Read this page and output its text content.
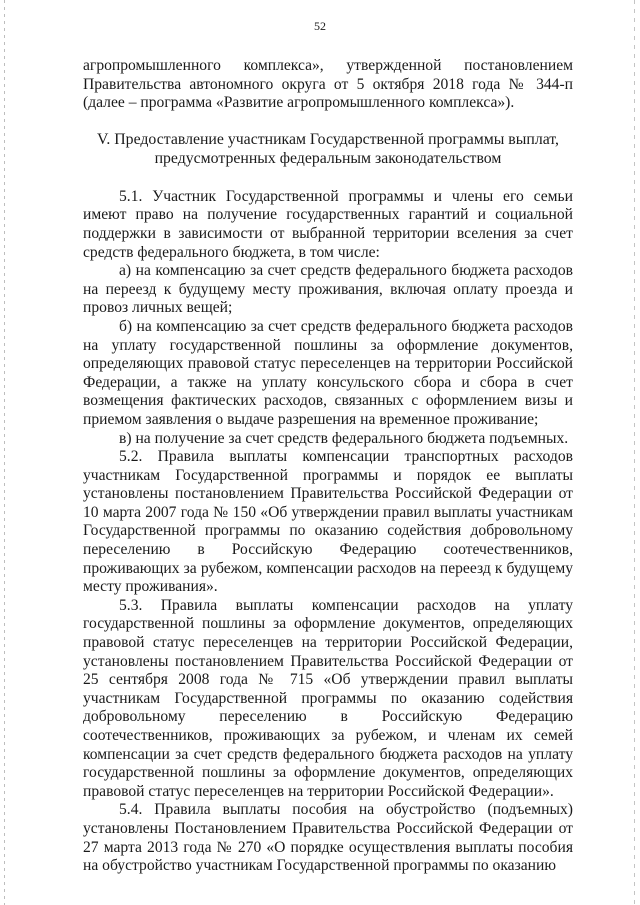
52

агропромышленного комплекса», утвержденной постановлением Правительства автономного округа от 5 октября 2018 года № 344-п (далее – программа «Развитие агропромышленного комплекса»).

V. Предоставление участникам Государственной программы выплат,
предусмотренных федеральным законодательством

5.1. Участник Государственной программы и члены его семьи имеют право на получение государственных гарантий и социальной поддержки в зависимости от выбранной территории вселения за счет средств федерального бюджета, в том числе:

а) на компенсацию за счет средств федерального бюджета расходов на переезд к будущему месту проживания, включая оплату проезда и провоз личных вещей;

б) на компенсацию за счет средств федерального бюджета расходов на уплату государственной пошлины за оформление документов, определяющих правовой статус переселенцев на территории Российской Федерации, а также на уплату консульского сбора и сбора в счет возмещения фактических расходов, связанных с оформлением визы и приемом заявления о выдаче разрешения на временное проживание;

в) на получение за счет средств федерального бюджета подъемных.

5.2. Правила выплаты компенсации транспортных расходов участникам Государственной программы и порядок ее выплаты установлены постановлением Правительства Российской Федерации от 10 марта 2007 года № 150 «Об утверждении правил выплаты участникам Государственной программы по оказанию содействия добровольному переселению в Российскую Федерацию соотечественников, проживающих за рубежом, компенсации расходов на переезд к будущему месту проживания».

5.3. Правила выплаты компенсации расходов на уплату государственной пошлины за оформление документов, определяющих правовой статус переселенцев на территории Российской Федерации, установлены постановлением Правительства Российской Федерации от 25 сентября 2008 года № 715 «Об утверждении правил выплаты участникам Государственной программы по оказанию содействия добровольному переселению в Российскую Федерацию соотечественников, проживающих за рубежом, и членам их семей компенсации за счет средств федерального бюджета расходов на уплату государственной пошлины за оформление документов, определяющих правовой статус переселенцев на территории Российской Федерации».

5.4. Правила выплаты пособия на обустройство (подъемных) установлены Постановлением Правительства Российской Федерации от 27 марта 2013 года № 270 «О порядке осуществления выплаты пособия на обустройство участникам Государственной программы по оказанию
